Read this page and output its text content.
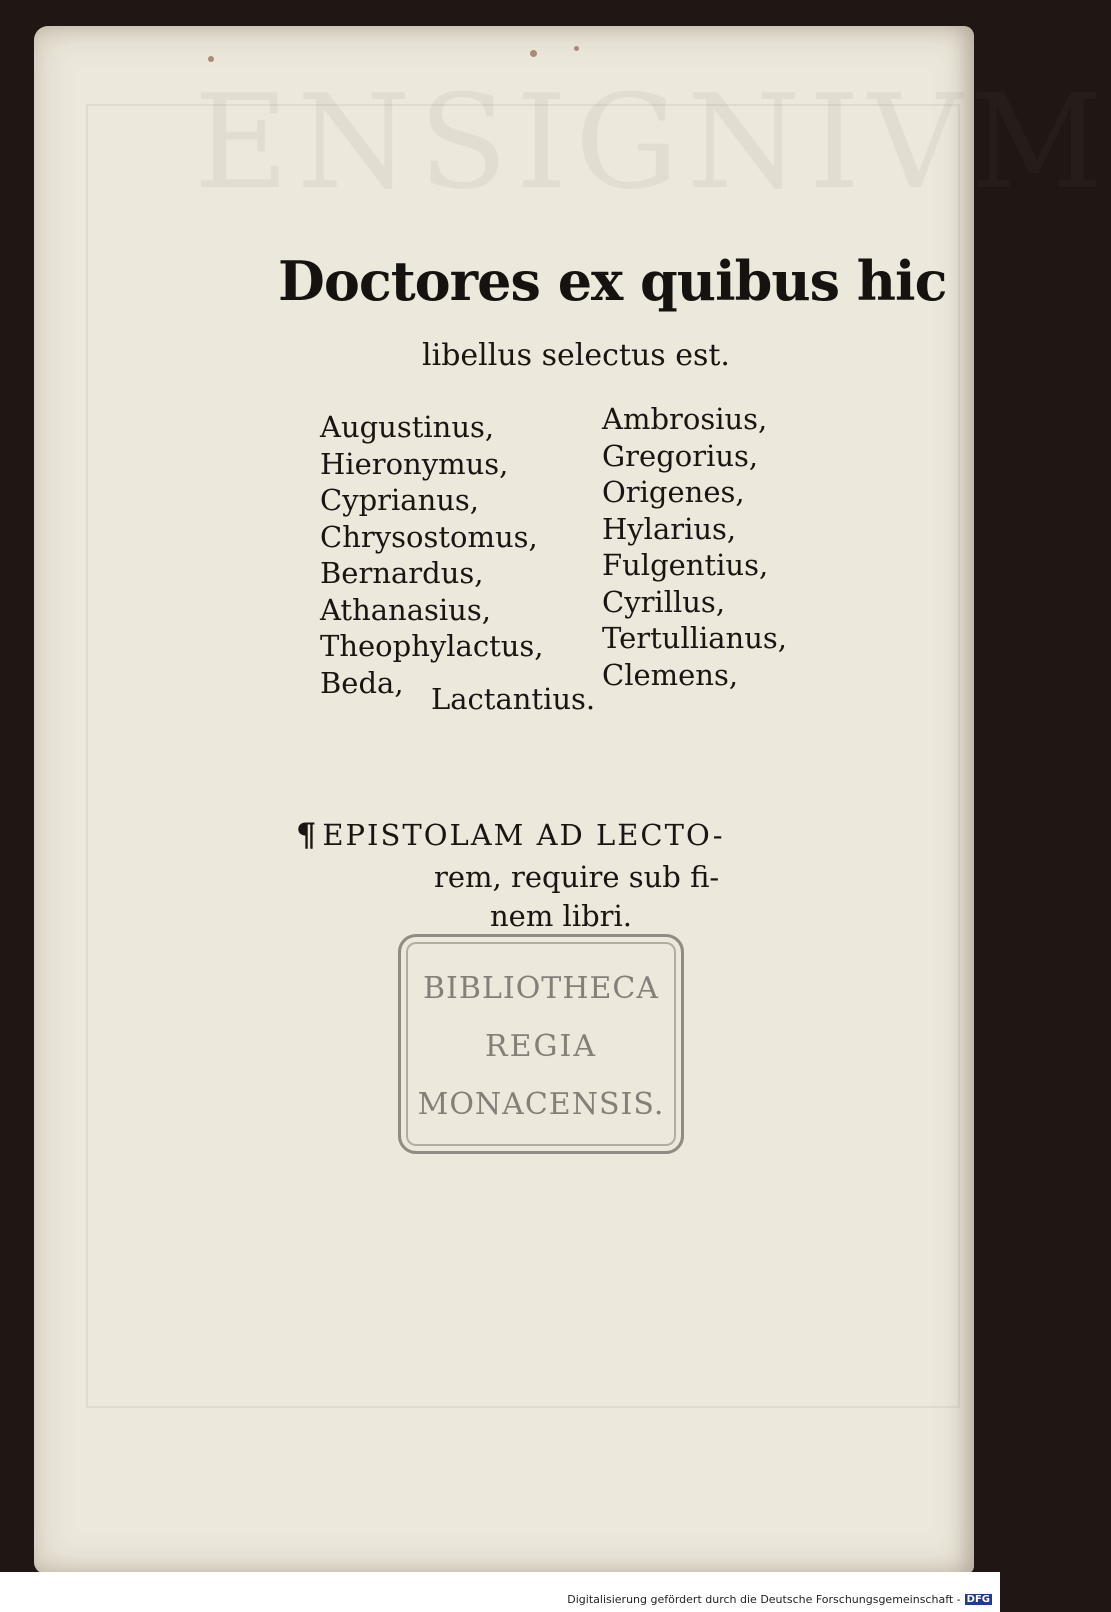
ENSIGNIVM
Doctores ex quibus hic
libellus selectus est.
Augustinus,
Hieronymus,
Cyprianus,
Chrysostomus,
Bernardus,
Athanasius,
Theophylactus,
Beda,
Ambrosius,
Gregorius,
Origenes,
Hylarius,
Fulgentius,
Cyrillus,
Tertullianus,
Clemens,
Lactantius.
¶ EPISTOLAM AD LECTO-
rem, require sub fi-
nem libri.
BIBLIOTHECA
REGIA
MONACENSIS.
Digitalisierung gefördert durch die Deutsche Forschungsgemeinschaft - DFG
